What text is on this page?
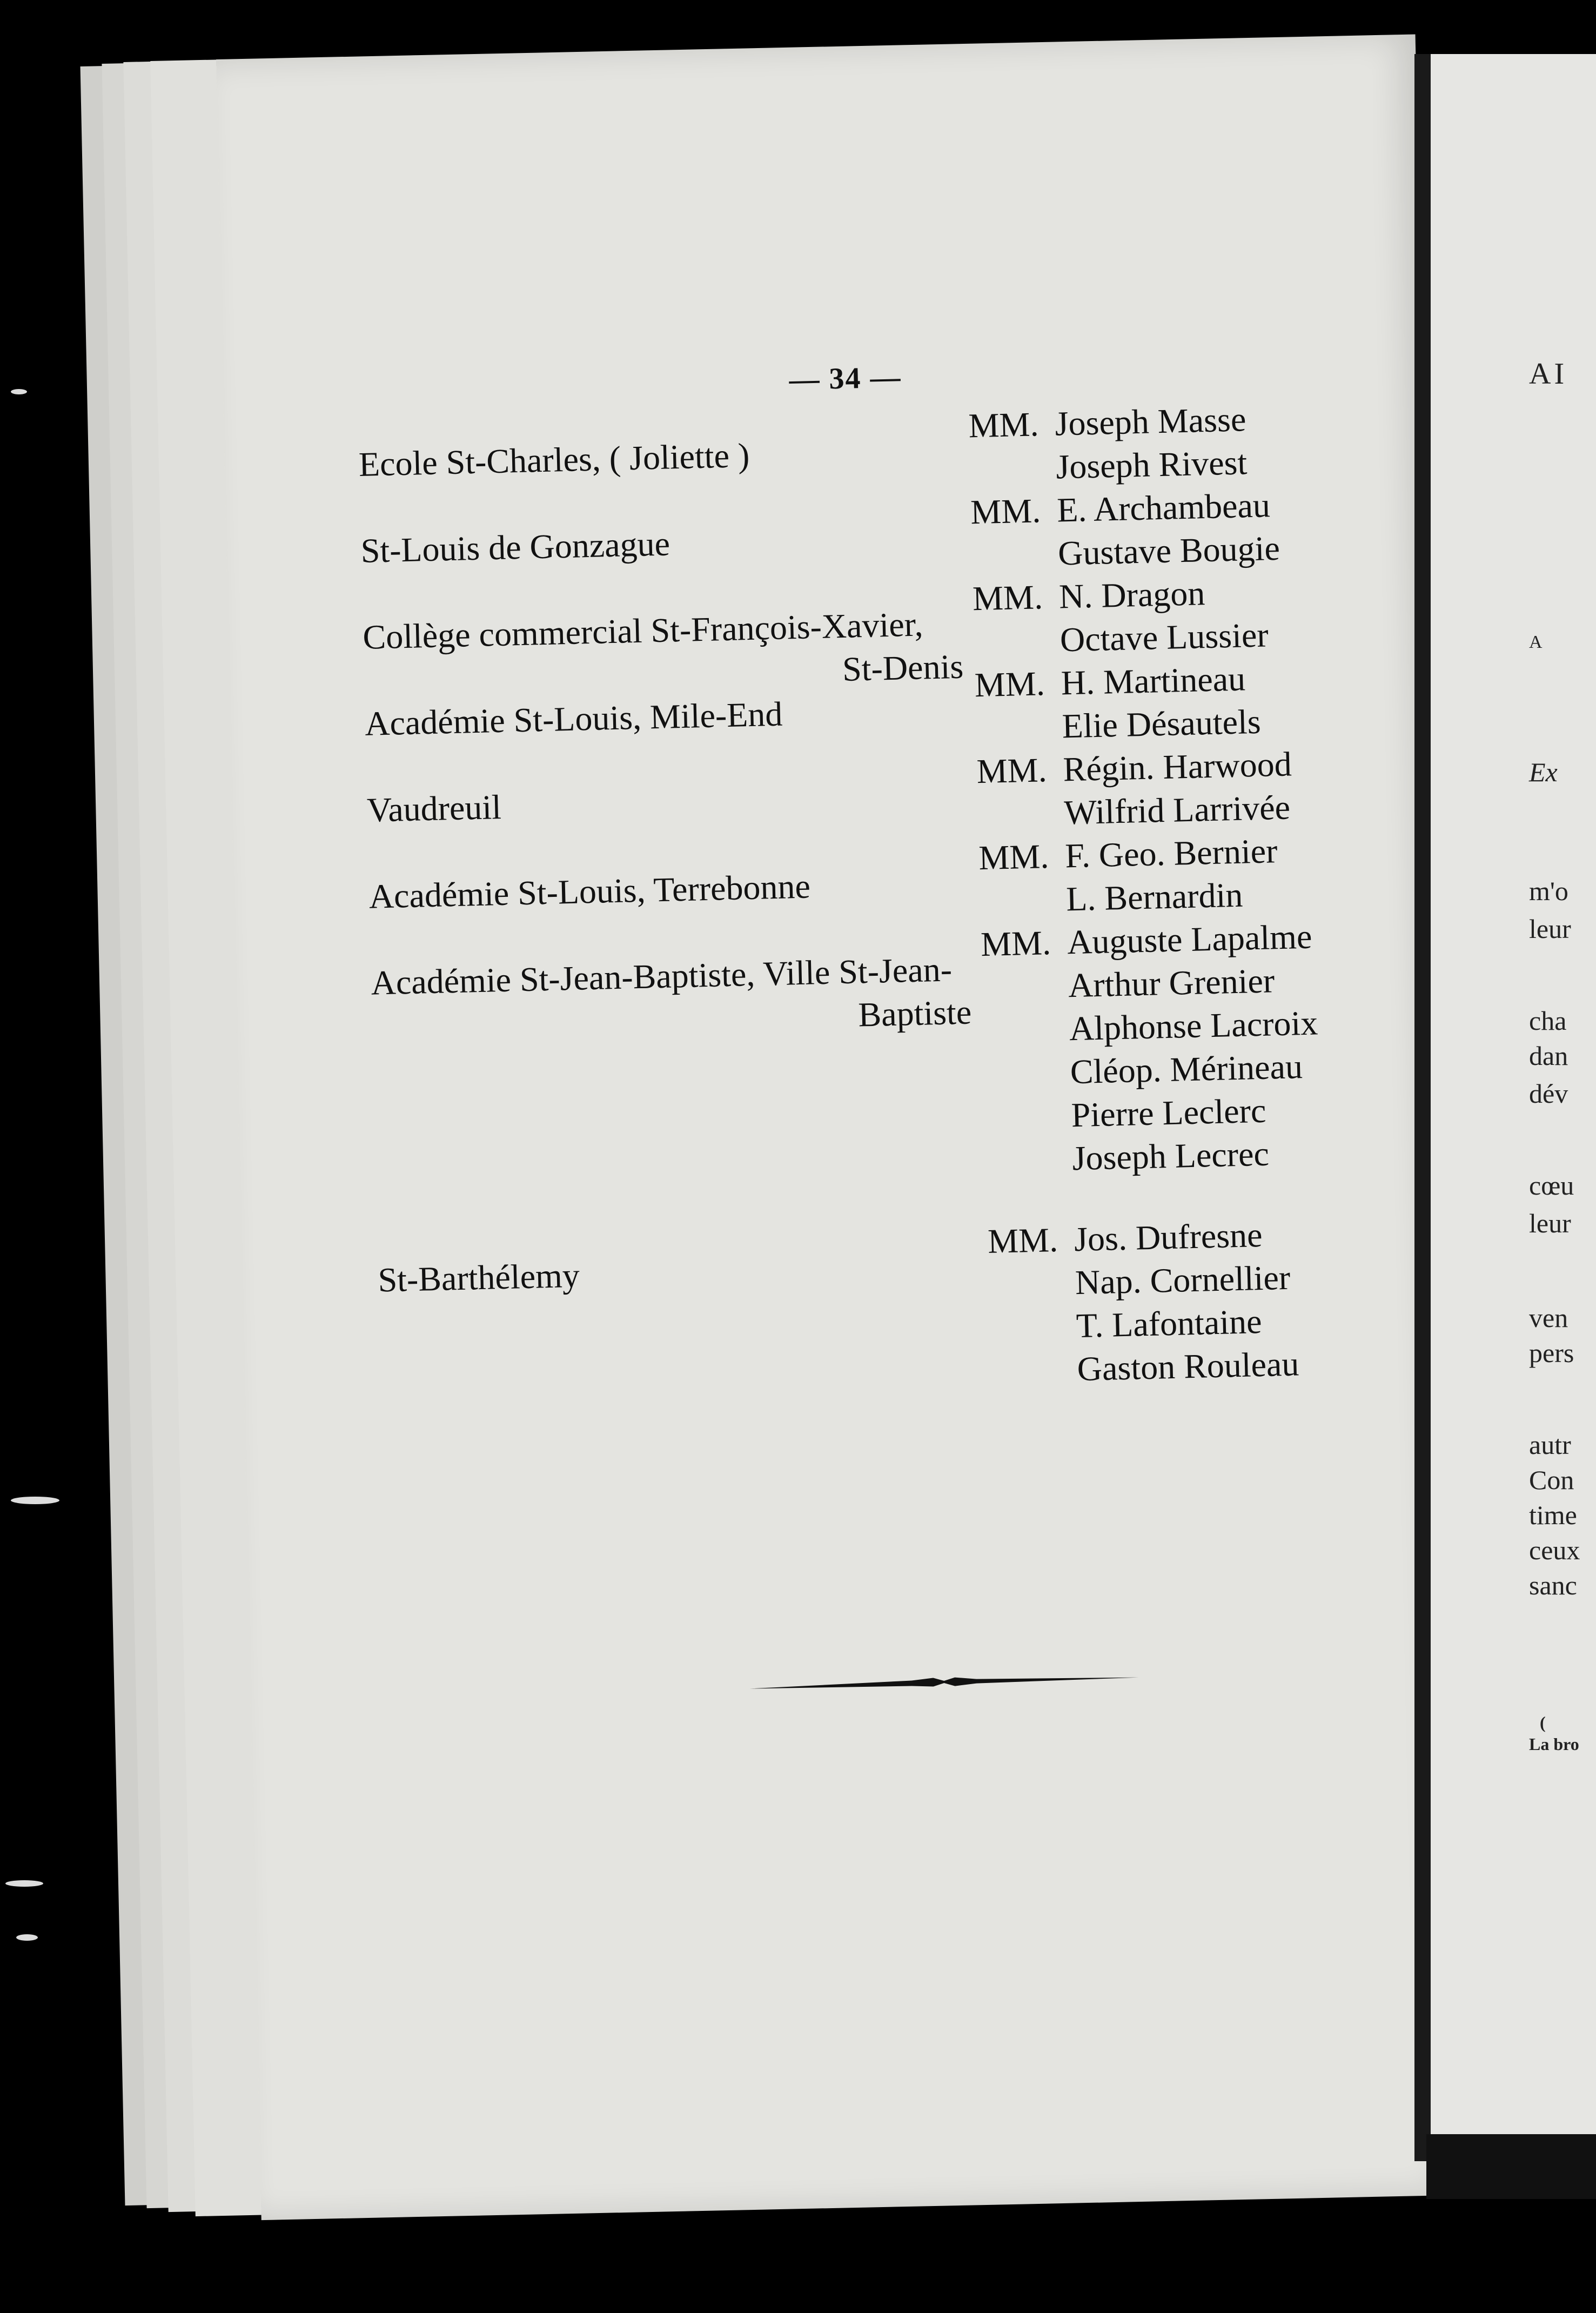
— 34 —
Ecole St-Charles, ( Joliette )
MM. Joseph Masse
Joseph Rivest
St-Louis de Gonzague
MM. E. Archambeau
Gustave Bougie
Collège commercial St-François-Xavier,
St-Denis
MM. N. Dragon
Octave Lussier
Académie St-Louis, Mile-End
MM. H. Martineau
Elie Désautels
Vaudreuil
MM. Régin. Harwood
Wilfrid Larrivée
Académie St-Louis, Terrebonne
MM. F. Geo. Bernier
L. Bernardin
Académie St-Jean-Baptiste, Ville St-Jean-
Baptiste
MM. Auguste Lapalme
Arthur Grenier
Alphonse Lacroix
Cléop. Mérineau
Pierre Leclerc
Joseph Lecrec
St-Barthélemy
MM. Jos. Dufresne
Nap. Cornellier
T. Lafontaine
Gaston Rouleau
AI
A
Ex
m'o
leur
cha
dan
dév
cœu
leur
ven
pers
autr
Con
time
ceux
sanc
(
La bro
